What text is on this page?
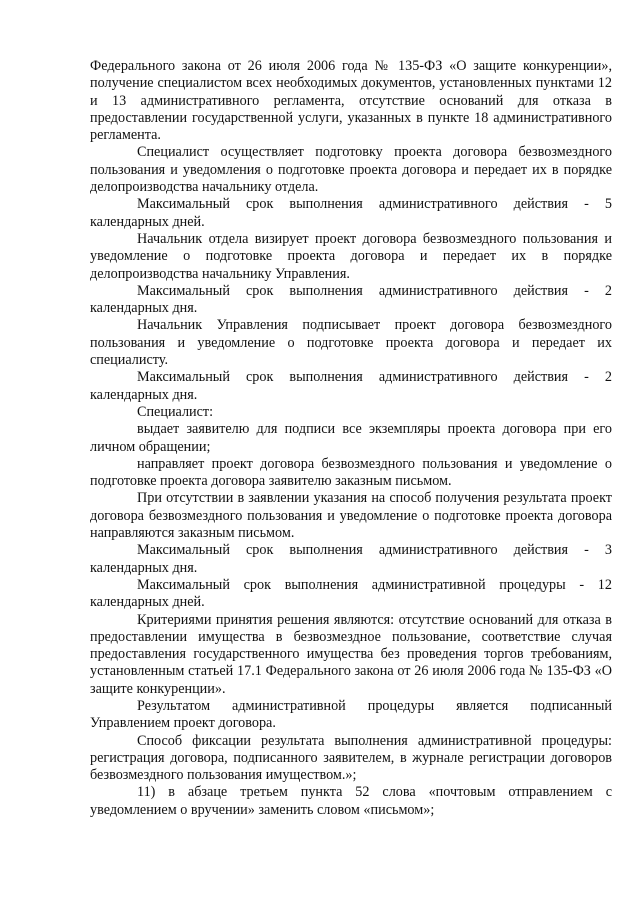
Федерального закона от 26 июля 2006 года № 135-ФЗ «О защите конкуренции», получение специалистом всех необходимых документов, установленных пунктами 12 и 13 административного регламента, отсутствие оснований для отказа в предоставлении государственной услуги, указанных в пункте 18 административного регламента.

Специалист осуществляет подготовку проекта договора безвозмездного пользования и уведомления о подготовке проекта договора и передает их в порядке делопроизводства начальнику отдела.

Максимальный срок выполнения административного действия - 5 календарных дней.

Начальник отдела визирует проект договора безвозмездного пользования и уведомление о подготовке проекта договора и передает их в порядке делопроизводства начальнику Управления.

Максимальный срок выполнения административного действия - 2 календарных дня.

Начальник Управления подписывает проект договора безвозмездного пользования и уведомление о подготовке проекта договора и передает их специалисту.

Максимальный срок выполнения административного действия - 2 календарных дня.

Специалист:

выдает заявителю для подписи все экземпляры проекта договора при его личном обращении;

направляет проект договора безвозмездного пользования и уведомление о подготовке проекта договора заявителю заказным письмом.

При отсутствии в заявлении указания на способ получения результата проект договора безвозмездного пользования и уведомление о подготовке проекта договора направляются заказным письмом.

Максимальный срок выполнения административного действия - 3 календарных дня.

Максимальный срок выполнения административной процедуры - 12 календарных дней.

Критериями принятия решения являются: отсутствие оснований для отказа в предоставлении имущества в безвозмездное пользование, соответствие случая предоставления государственного имущества без проведения торгов требованиям, установленным статьей 17.1 Федерального закона от 26 июля 2006 года № 135-ФЗ «О защите конкуренции».

Результатом административной процедуры является подписанный Управлением проект договора.

Способ фиксации результата выполнения административной процедуры: регистрация договора, подписанного заявителем, в журнале регистрации договоров безвозмездного пользования имуществом.»;

11) в абзаце третьем пункта 52 слова «почтовым отправлением с уведомлением о вручении» заменить словом «письмом»;
